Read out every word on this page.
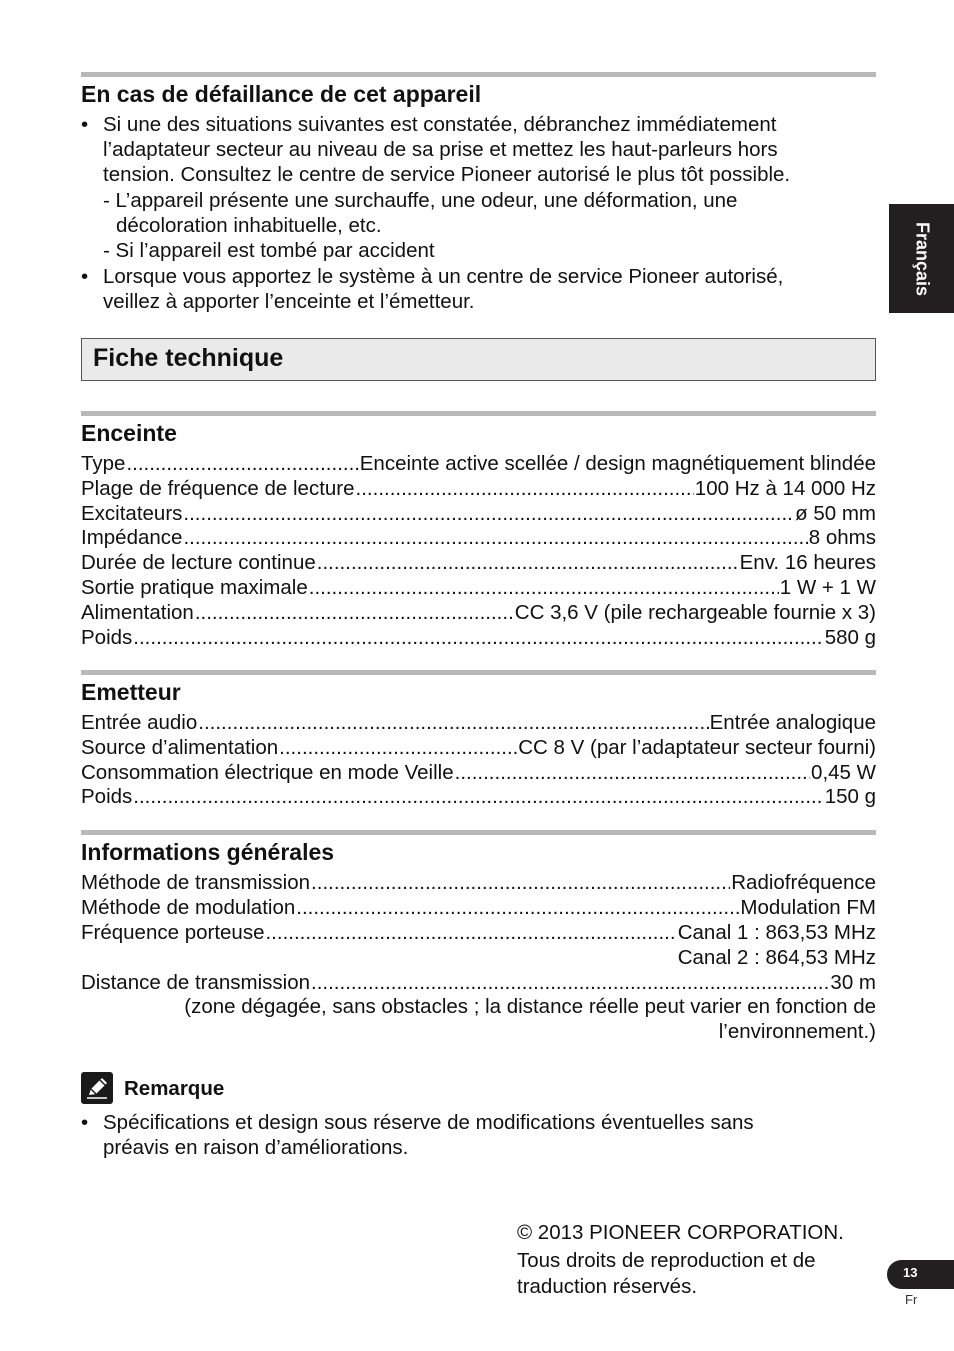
Français
En cas de défaillance de cet appareil
• Si une des situations suivantes est constatée, débranchez immédiatement
l’adaptateur secteur au niveau de sa prise et mettez les haut-parleurs hors
tension. Consultez le centre de service Pioneer autorisé le plus tôt possible.
- L’appareil présente une surchauffe, une odeur, une déformation, une
décoloration inhabituelle, etc.
- Si l’appareil est tombé par accident
• Lorsque vous apportez le système à un centre de service Pioneer autorisé,
veillez à apporter l’enceinte et l’émetteur.
Fiche technique
Enceinte
Type .....	Enceinte active scellée / design magnétiquement blindée
Plage de fréquence de lecture .....	100 Hz à 14 000 Hz
Excitateurs .....	ø 50 mm
Impédance .....	8 ohms
Durée de lecture continue .....	Env. 16 heures
Sortie pratique maximale .....	1 W + 1 W
Alimentation .....	CC 3,6 V (pile rechargeable fournie x 3)
Poids .....	580 g
Emetteur
Entrée audio .....	Entrée analogique
Source d’alimentation .....	CC 8 V (par l’adaptateur secteur fourni)
Consommation électrique en mode Veille .....	0,45 W
Poids .....	150 g
Informations générales
Méthode de transmission .....	Radiofréquence
Méthode de modulation .....	Modulation FM
Fréquence porteuse .....	Canal 1 : 863,53 MHz
Canal 2 : 864,53 MHz
Distance de transmission .....	30 m
(zone dégagée, sans obstacles ; la distance réelle peut varier en fonction de
l’environnement.)
Remarque
• Spécifications et design sous réserve de modifications éventuelles sans
préavis en raison d’améliorations.
© 2013 PIONEER CORPORATION.
Tous droits de reproduction et de
traduction réservés.
13
Fr
